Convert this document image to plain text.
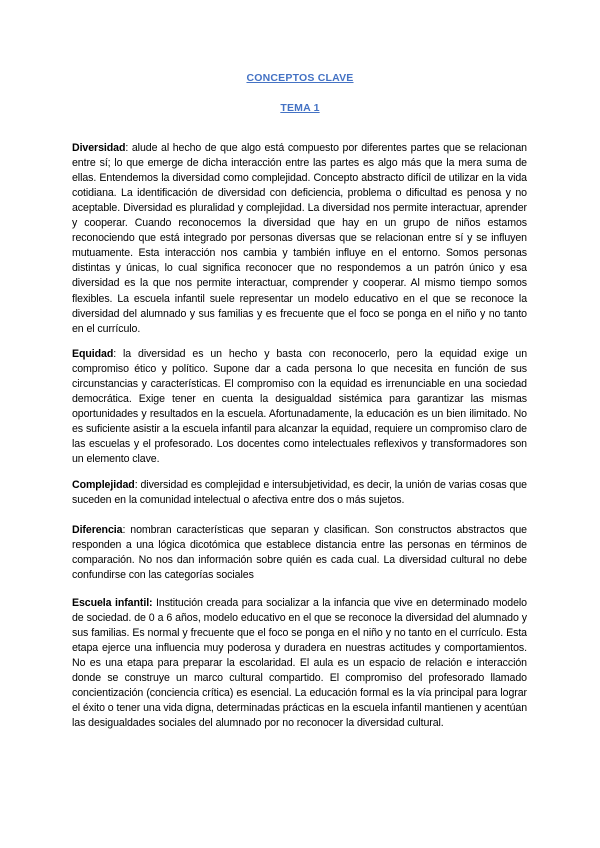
CONCEPTOS CLAVE
TEMA 1

Diversidad: alude al hecho de que algo está compuesto por diferentes partes que se relacionan entre sí; lo que emerge de dicha interacción entre las partes es algo más que la mera suma de ellas. Entendemos la diversidad como complejidad. Concepto abstracto difícil de utilizar en la vida cotidiana. La identificación de diversidad con deficiencia, problema o dificultad es penosa y no aceptable. Diversidad es pluralidad y complejidad. La diversidad nos permite interactuar, aprender y cooperar. Cuando reconocemos la diversidad que hay en un grupo de niños estamos reconociendo que está integrado por personas diversas que se relacionan entre sí y se influyen mutuamente. Esta interacción nos cambia y también influye en el entorno. Somos personas distintas y únicas, lo cual significa reconocer que no respondemos a un patrón único y esa diversidad es la que nos permite interactuar, comprender y cooperar. Al mismo tiempo somos flexibles. La escuela infantil suele representar un modelo educativo en el que se reconoce la diversidad del alumnado y sus familias y es frecuente que el foco se ponga en el niño y no tanto en el currículo.

Equidad: la diversidad es un hecho y basta con reconocerlo, pero la equidad exige un compromiso ético y político. Supone dar a cada persona lo que necesita en función de sus circunstancias y características. El compromiso con la equidad es irrenunciable en una sociedad democrática. Exige tener en cuenta la desigualdad sistémica para garantizar las mismas oportunidades y resultados en la escuela. Afortunadamente, la educación es un bien ilimitado. No es suficiente asistir a la escuela infantil para alcanzar la equidad, requiere un compromiso claro de las escuelas y el profesorado. Los docentes como intelectuales reflexivos y transformadores son un elemento clave.

Complejidad: diversidad es complejidad e intersubjetividad, es decir, la unión de varias cosas que suceden en la comunidad intelectual o afectiva entre dos o más sujetos.

Diferencia: nombran características que separan y clasifican. Son constructos abstractos que responden a una lógica dicotómica que establece distancia entre las personas en términos de comparación. No nos dan información sobre quién es cada cual. La diversidad cultural no debe confundirse con las categorías sociales

Escuela infantil: Institución creada para socializar a la infancia que vive en determinado modelo de sociedad. de 0 a 6 años, modelo educativo en el que se reconoce la diversidad del alumnado y sus familias. Es normal y frecuente que el foco se ponga en el niño y no tanto en el currículo. Esta etapa ejerce una influencia muy poderosa y duradera en nuestras actitudes y comportamientos. No es una etapa para preparar la escolaridad. El aula es un espacio de relación e interacción donde se construye un marco cultural compartido. El compromiso del profesorado llamado concientización (conciencia crítica) es esencial. La educación formal es la vía principal para lograr el éxito o tener una vida digna, determinadas prácticas en la escuela infantil mantienen y acentúan las desigualdades sociales del alumnado por no reconocer la diversidad cultural.
